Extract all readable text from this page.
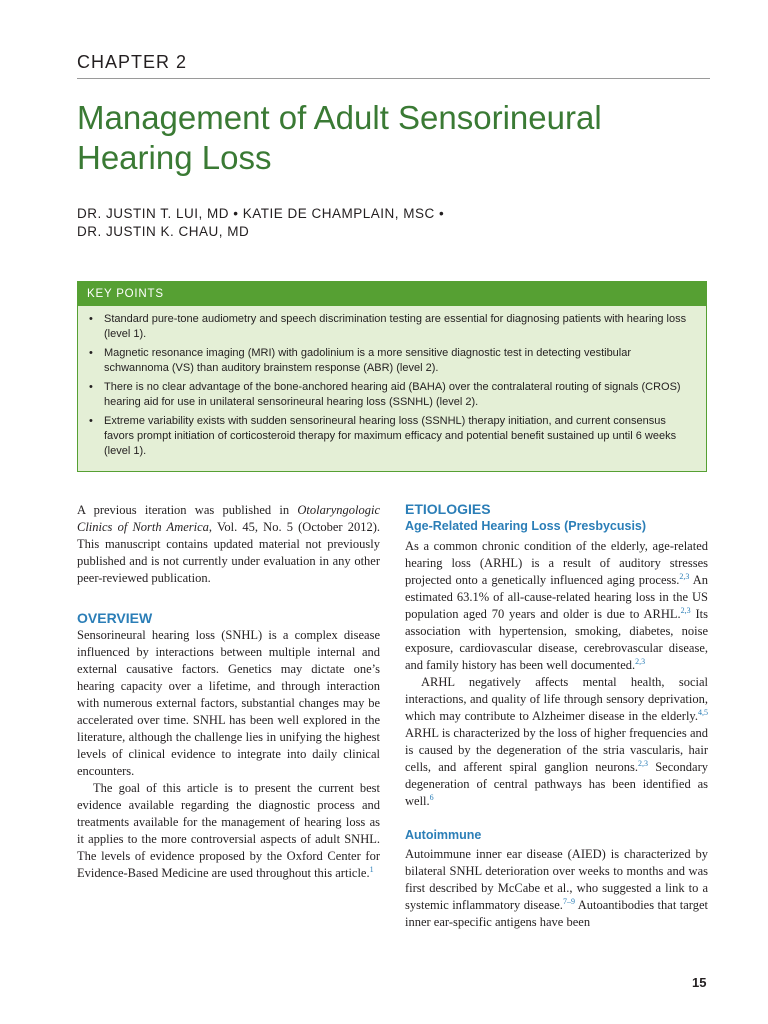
CHAPTER 2
Management of Adult Sensorineural Hearing Loss
DR. JUSTIN T. LUI, MD • KATIE DE CHAMPLAIN, MSC •
DR. JUSTIN K. CHAU, MD
KEY POINTS
• Standard pure-tone audiometry and speech discrimination testing are essential for diagnosing patients with hearing loss (level 1).
• Magnetic resonance imaging (MRI) with gadolinium is a more sensitive diagnostic test in detecting vestibular schwannoma (VS) than auditory brainstem response (ABR) (level 2).
• There is no clear advantage of the bone-anchored hearing aid (BAHA) over the contralateral routing of signals (CROS) hearing aid for use in unilateral sensorineural hearing loss (SSNHL) (level 2).
• Extreme variability exists with sudden sensorineural hearing loss (SSNHL) therapy initiation, and current consensus favors prompt initiation of corticosteroid therapy for maximum efficacy and potential benefit sustained up until 6 weeks (level 1).

A previous iteration was published in Otolaryngologic Clinics of North America, Vol. 45, No. 5 (October 2012). This manuscript contains updated material not previously published and is not currently under evaluation in any other peer-reviewed publication.

OVERVIEW

Sensorineural hearing loss (SNHL) is a complex disease influenced by interactions between multiple internal and external causative factors. Genetics may dictate one’s hearing capacity over a lifetime, and through interaction with numerous external factors, substantial changes may be accelerated over time. SNHL has been well explored in the literature, although the challenge lies in unifying the highest levels of clinical evidence to integrate into daily clinical encounters.

The goal of this article is to present the current best evidence available regarding the diagnostic process and treatments available for the management of hearing loss as it applies to the more controversial aspects of adult SNHL. The levels of evidence proposed by the Oxford Center for Evidence-Based Medicine are used throughout this article.$^1$

ETIOLOGIES
Age-Related Hearing Loss (Presbycusis)

As a common chronic condition of the elderly, age-related hearing loss (ARHL) is a result of auditory stresses projected onto a genetically influenced aging process.$^{2,3}$ An estimated 63.1% of all-cause-related hearing loss in the US population aged 70 years and older is due to ARHL.$^{2,3}$ Its association with hypertension, smoking, diabetes, noise exposure, cardiovascular disease, cerebrovascular disease, and family history has been well documented.$^{2,3}$

ARHL negatively affects mental health, social interactions, and quality of life through sensory deprivation, which may contribute to Alzheimer disease in the elderly.$^{4,5}$ ARHL is characterized by the loss of higher frequencies and is caused by the degeneration of the stria vascularis, hair cells, and afferent spiral ganglion neurons.$^{2,3}$ Secondary degeneration of central pathways has been identified as well.$^6$

Autoimmune

Autoimmune inner ear disease (AIED) is characterized by bilateral SNHL deterioration over weeks to months and was first described by McCabe et al., who suggested a link to a systemic inflammatory disease.$^{7-9}$ Autoantibodies that target inner ear-specific antigens have been

15
